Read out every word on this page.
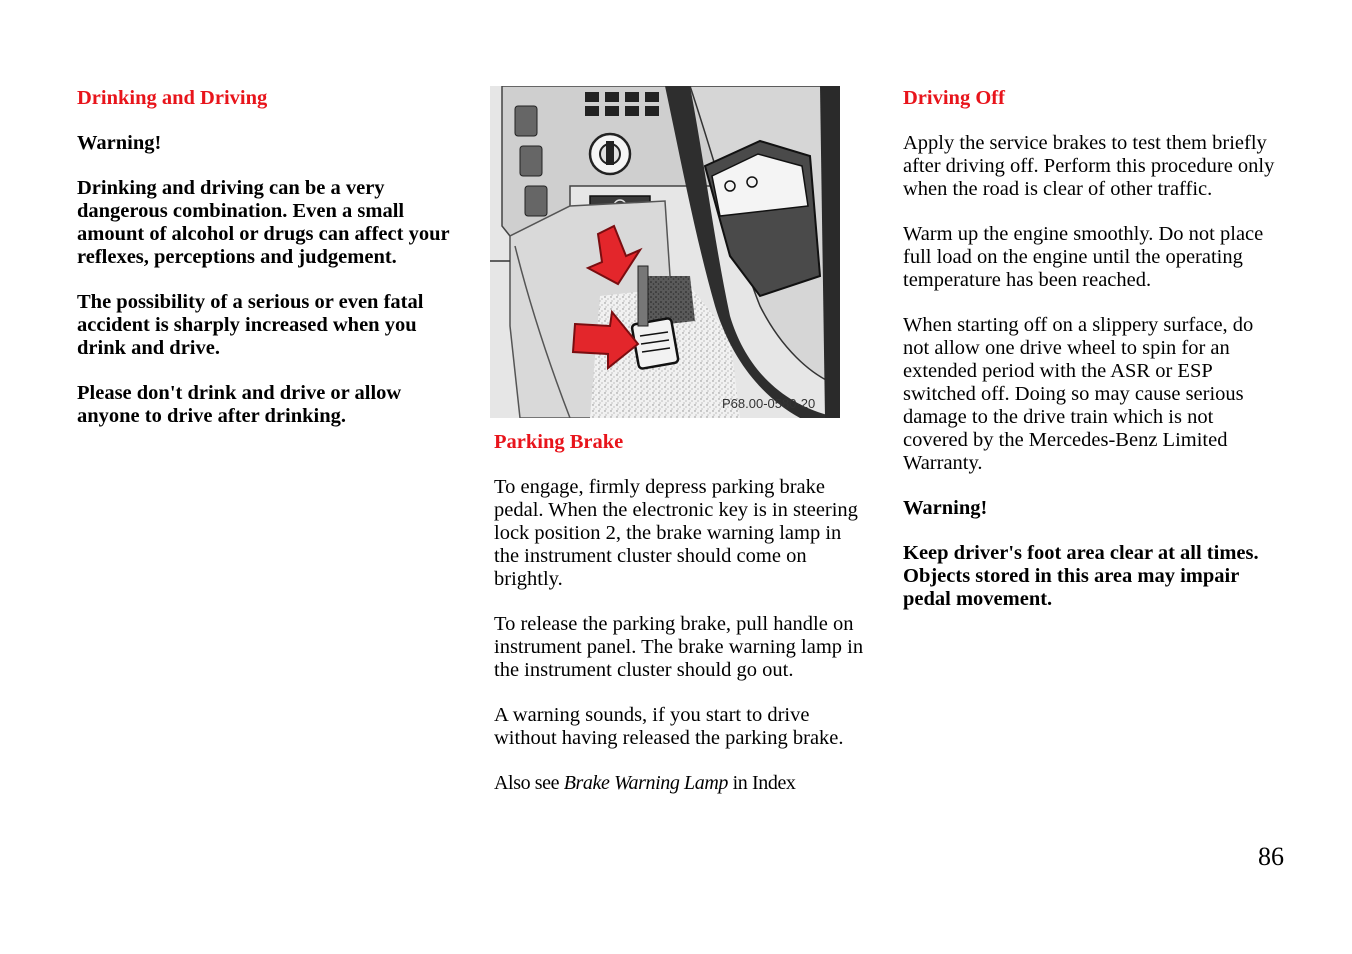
Drinking and Driving

Warning!

Drinking and driving can be a very dangerous combination. Even a small amount of alcohol or drugs can affect your reflexes, perceptions and judgement.

The possibility of a serious or even fatal accident is sharply increased when you drink and drive.

Please don't drink and drive or allow anyone to drive after drinking.

P68.00-0580-20
Parking Brake

To engage, firmly depress parking brake pedal. When the electronic key is in steering lock position 2, the brake warning lamp in the instrument cluster should come on brightly.

To release the parking brake, pull handle on instrument panel. The brake warning lamp in the instrument cluster should go out.

A warning sounds, if you start to drive without having released the parking brake.

Also see Brake Warning Lamp in Index

Driving Off

Apply the service brakes to test them briefly after driving off. Perform this procedure only when the road is clear of other traffic.

Warm up the engine smoothly. Do not place full load on the engine until the operating temperature has been reached.

When starting off on a slippery surface, do not allow one drive wheel to spin for an extended period with the ASR or ESP switched off. Doing so may cause serious damage to the drive train which is not covered by the Mercedes-Benz Limited Warranty.

Warning!

Keep driver's foot area clear at all times. Objects stored in this area may impair pedal movement.

86
